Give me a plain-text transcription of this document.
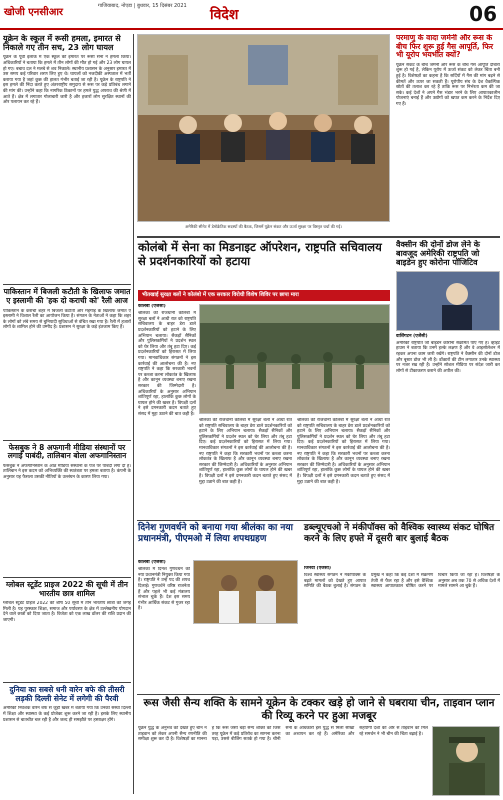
खोजी एनसीआर
गाजियाबाद, नोएडा | बुधवार, 15 दिसंबर 2021
विदेश	06
यूक्रेन के स्कूल में रूसी हमला, इमारत से निकाले गए तीन सच, 23 लोग घायल
यूक्रेन के पूर्वी इलाके में एक स्कूल की इमारत पर रूसी सेना ने हमला किया। अधिकारियों ने बताया कि हमले में तीन लोगों की मौत हो गई और 23 लोग घायल हो गए। बचाव दल ने मलबे से शव निकाले। स्थानीय प्रशासन के अनुसार इमारत में उस समय कई परिवार शरण लिए हुए थे। घायलों को नजदीकी अस्पताल में भर्ती कराया गया है जहां कुछ की हालत गंभीर बताई जा रही है। यूक्रेन के राष्ट्रपति ने इस हमले की निंदा करते हुए अंतरराष्ट्रीय समुदाय से रूस पर कड़े प्रतिबंध लगाने की मांग की। उन्होंने कहा कि नागरिक ठिकानों पर हमले युद्ध अपराध की श्रेणी में आते हैं। क्षेत्र में लगातार गोलाबारी जारी है और हजारों लोग सुरक्षित स्थानों की ओर पलायन कर रहे हैं।
पाकिस्तान में बिजली कटौती के खिलाफ जमात ए इस्लामी की 'हक दो कराची को' रैली आज
पाकिस्तान के कराची शहर में बिजली कटौती और महंगाई के खिलाफ जमात ए इस्लामी ने विशाल रैली का आयोजन किया है। संगठन के नेताओं ने कहा कि शहर के लोगों को लंबे समय से बुनियादी सुविधाओं से वंचित रखा गया है। रैली में हजारों लोगों के शामिल होने की उम्मीद है। प्रशासन ने सुरक्षा के कड़े इंतजाम किए हैं।
फेसबुक ने 8 अफगानी मीडिया संस्थानों पर लगाई पाबंदी, तालिबान बोला अफगानिस्तान
फेसबुक ने अफगानिस्तान के आठ मीडिया संस्थानों के पेज पर पाबंदी लगा दी है। तालिबान ने इस कदम को अभिव्यक्ति की स्वतंत्रता पर हमला बताया है। कंपनी के अनुसार यह फैसला उसकी नीतियों के उल्लंघन के कारण लिया गया।
ग्लोबल स्टूडेंट प्राइज 2022 की सूची में तीन भारतीय छात्र शामिल
ग्लोबल स्टूडेंट प्राइज 2022 की शीर्ष 50 सूची में तीन भारतीय छात्रों को जगह मिली है। यह पुरस्कार शिक्षा, समाज और पर्यावरण के क्षेत्र में उल्लेखनीय योगदान देने वाले छात्रों को दिया जाता है। विजेता को एक लाख डॉलर की राशि प्रदान की जाएगी।
दुनिया का सबसे धनी वारेन बफे की तीसरी लड़की दिल्ली सेनेट में लगेगी की पैरवी
अमेरिकी निवेशक वारेन बफे से जुड़ी खबर में बताया गया कि उनकी संस्था दिल्ली में शिक्षा और स्वास्थ्य के कई प्रोजेक्ट शुरू करने जा रही है। इसके लिए स्थानीय प्रशासन से बातचीत चल रही है और जल्द ही समझौते पर हस्ताक्षर होंगे।
अमेरिकी सीनेट में डेमोक्रेटिक सदस्यों की बैठक, जिसमें यूक्रेन संकट और ऊर्जा सुरक्षा पर विस्तृत चर्चा की गई।
परमाणु के वादा जर्मनी और रूस के बीच फिर शुरू हुई गैस आपूर्ति, फिर भी यूरोप भयभीत क्यों?
यूक्रेन संकट के बीच जर्मनी और रूस के बीच गैस आपूर्ति दोबारा शुरू हो गई है, लेकिन यूरोप में ऊर्जा संकट को लेकर चिंता बनी हुई है। विशेषज्ञों का कहना है कि सर्दियों में गैस की मांग बढ़ने से कीमतें और ऊपर जा सकती हैं। यूरोपीय संघ के देश वैकल्पिक स्रोतों की तलाश कर रहे हैं ताकि रूस पर निर्भरता कम की जा सके। कई देशों ने अपने गैस भंडार भरने के लिए आपातकालीन योजनाएं बनाई हैं और उद्योगों को खपत कम करने के निर्देश दिए गए हैं।
कोलंबो में सेना का मिडनाइट ऑपरेशन, राष्ट्रपति सचिवालय से प्रदर्शनकारियों को हटाया
भीतखाई सुरक्षा बलों ने कोलंबो में एक सरकार विरोधी विशेष शिविर पर छापा मारा
कोलंबो (एजेंसी)
श्रीलंका की राजधानी कोलंबो में सुरक्षा बलों ने आधी रात को राष्ट्रपति सचिवालय के बाहर डेरा डाले प्रदर्शनकारियों को हटाने के लिए अभियान चलाया। सैकड़ों सैनिकों और पुलिसकर्मियों ने प्रदर्शन स्थल को घेर लिया और तंबू हटा दिए। कई प्रदर्शनकारियों को हिरासत में लिया गया। मानवाधिकार संगठनों ने इस कार्रवाई की आलोचना की है। नए राष्ट्रपति ने कहा कि सरकारी भवनों पर कब्जा करना लोकतंत्र के खिलाफ है और कानून व्यवस्था बनाए रखना सरकार की जिम्मेदारी है। अधिकारियों के अनुसार अभियान शांतिपूर्ण रहा, हालांकि कुछ लोगों के घायल होने की खबर है। विपक्षी दलों ने इसे दमनकारी कदम बताते हुए संसद में मुद्दा उठाने की बात कही है।
श्रीलंका की राजधानी कोलंबो में सुरक्षा बलों ने आधी रात को राष्ट्रपति सचिवालय के बाहर डेरा डाले प्रदर्शनकारियों को हटाने के लिए अभियान चलाया। सैकड़ों सैनिकों और पुलिसकर्मियों ने प्रदर्शन स्थल को घेर लिया और तंबू हटा दिए। कई प्रदर्शनकारियों को हिरासत में लिया गया। मानवाधिकार संगठनों ने इस कार्रवाई की आलोचना की है। नए राष्ट्रपति ने कहा कि सरकारी भवनों पर कब्जा करना लोकतंत्र के खिलाफ है और कानून व्यवस्था बनाए रखना सरकार की जिम्मेदारी है। अधिकारियों के अनुसार अभियान शांतिपूर्ण रहा, हालांकि कुछ लोगों के घायल होने की खबर है। विपक्षी दलों ने इसे दमनकारी कदम बताते हुए संसद में मुद्दा उठाने की बात कही है।
श्रीलंका की राजधानी कोलंबो में सुरक्षा बलों ने आधी रात को राष्ट्रपति सचिवालय के बाहर डेरा डाले प्रदर्शनकारियों को हटाने के लिए अभियान चलाया। सैकड़ों सैनिकों और पुलिसकर्मियों ने प्रदर्शन स्थल को घेर लिया और तंबू हटा दिए। कई प्रदर्शनकारियों को हिरासत में लिया गया। मानवाधिकार संगठनों ने इस कार्रवाई की आलोचना की है। नए राष्ट्रपति ने कहा कि सरकारी भवनों पर कब्जा करना लोकतंत्र के खिलाफ है और कानून व्यवस्था बनाए रखना सरकार की जिम्मेदारी है। अधिकारियों के अनुसार अभियान शांतिपूर्ण रहा, हालांकि कुछ लोगों के घायल होने की खबर है। विपक्षी दलों ने इसे दमनकारी कदम बताते हुए संसद में मुद्दा उठाने की बात कही है।
वैक्सीन की दोनों डोज लेने के बावजूद अमेरिकी राष्ट्रपति जो बाइडेन हुए कोरोना पॉजिटिव
वाशिंगटन (एजेंसी)
अमेरिकी राष्ट्रपति जो बाइडेन कोरोना संक्रमित पाए गए हैं। व्हाइट हाउस ने बताया कि उनमें हल्के लक्षण हैं और वे आइसोलेशन में रहकर अपना काम जारी रखेंगे। राष्ट्रपति ने वैक्सीन की दोनों डोज और बूस्टर डोज भी ली है। डॉक्टरों की टीम लगातार उनके स्वास्थ्य पर नजर रख रही है। उन्होंने सोशल मीडिया पर संदेश जारी कर लोगों से टीकाकरण कराने की अपील की।
दिनेश गुणवर्धने को बनाया गया श्रीलंका का नया प्रधानमंत्री, पीएमओ में लिया शपथग्रहण
कोलंबो (एजेंसी)
श्रीलंका में दिनेश गुणवर्धने को नया प्रधानमंत्री नियुक्त किया गया है। राष्ट्रपति ने उन्हें पद की शपथ दिलाई। गुणवर्धने वरिष्ठ राजनेता हैं और पहले भी कई मंत्रालय संभाल चुके हैं। देश इस समय गंभीर आर्थिक संकट से गुजर रहा है।
डब्ल्यूएचओ ने मंकीपॉक्स को वैश्विक स्वास्थ्य संकट घोषित करने के लिए हफ्ते में दूसरी बार बुलाई बैठक
जिनेवा (एजेंसी)
विश्व स्वास्थ्य संगठन ने मंकीपॉक्स के बढ़ते मामलों को देखते हुए आपात समिति की बैठक बुलाई है। संगठन के प्रमुख ने कहा कि कई देशों में संक्रमण तेजी से फैल रहा है और इसे वैश्विक स्वास्थ्य आपातकाल घोषित करने पर विचार किया जा रहा है। विशेषज्ञों के अनुसार अब तक 70 से अधिक देशों में मामले सामने आ चुके हैं।
रूस जैसी सैन्य शक्ति के सामने यूक्रेन के टक्कर खड़े हो जाने से घबराया चीन, ताइवान प्लान की रिव्यू करने पर हुआ मजबूर
यूक्रेन युद्ध के अनुभव को देखते हुए चीन ने ताइवान को लेकर अपनी सैन्य रणनीति की समीक्षा शुरू कर दी है। विशेषज्ञों का मानना है कि रूस जैसी बड़ी सैन्य शक्ति को जिस तरह यूक्रेन में कड़े प्रतिरोध का सामना करना पड़ा, उससे बीजिंग सतर्क हो गया है। चीनी सेना के अधिकारी इस युद्ध से मिली सीखों का अध्ययन कर रहे हैं। अमेरिका और सहयोगी देशों की ओर से ताइवान को मिल रहे समर्थन ने भी चीन की चिंता बढ़ाई है।
